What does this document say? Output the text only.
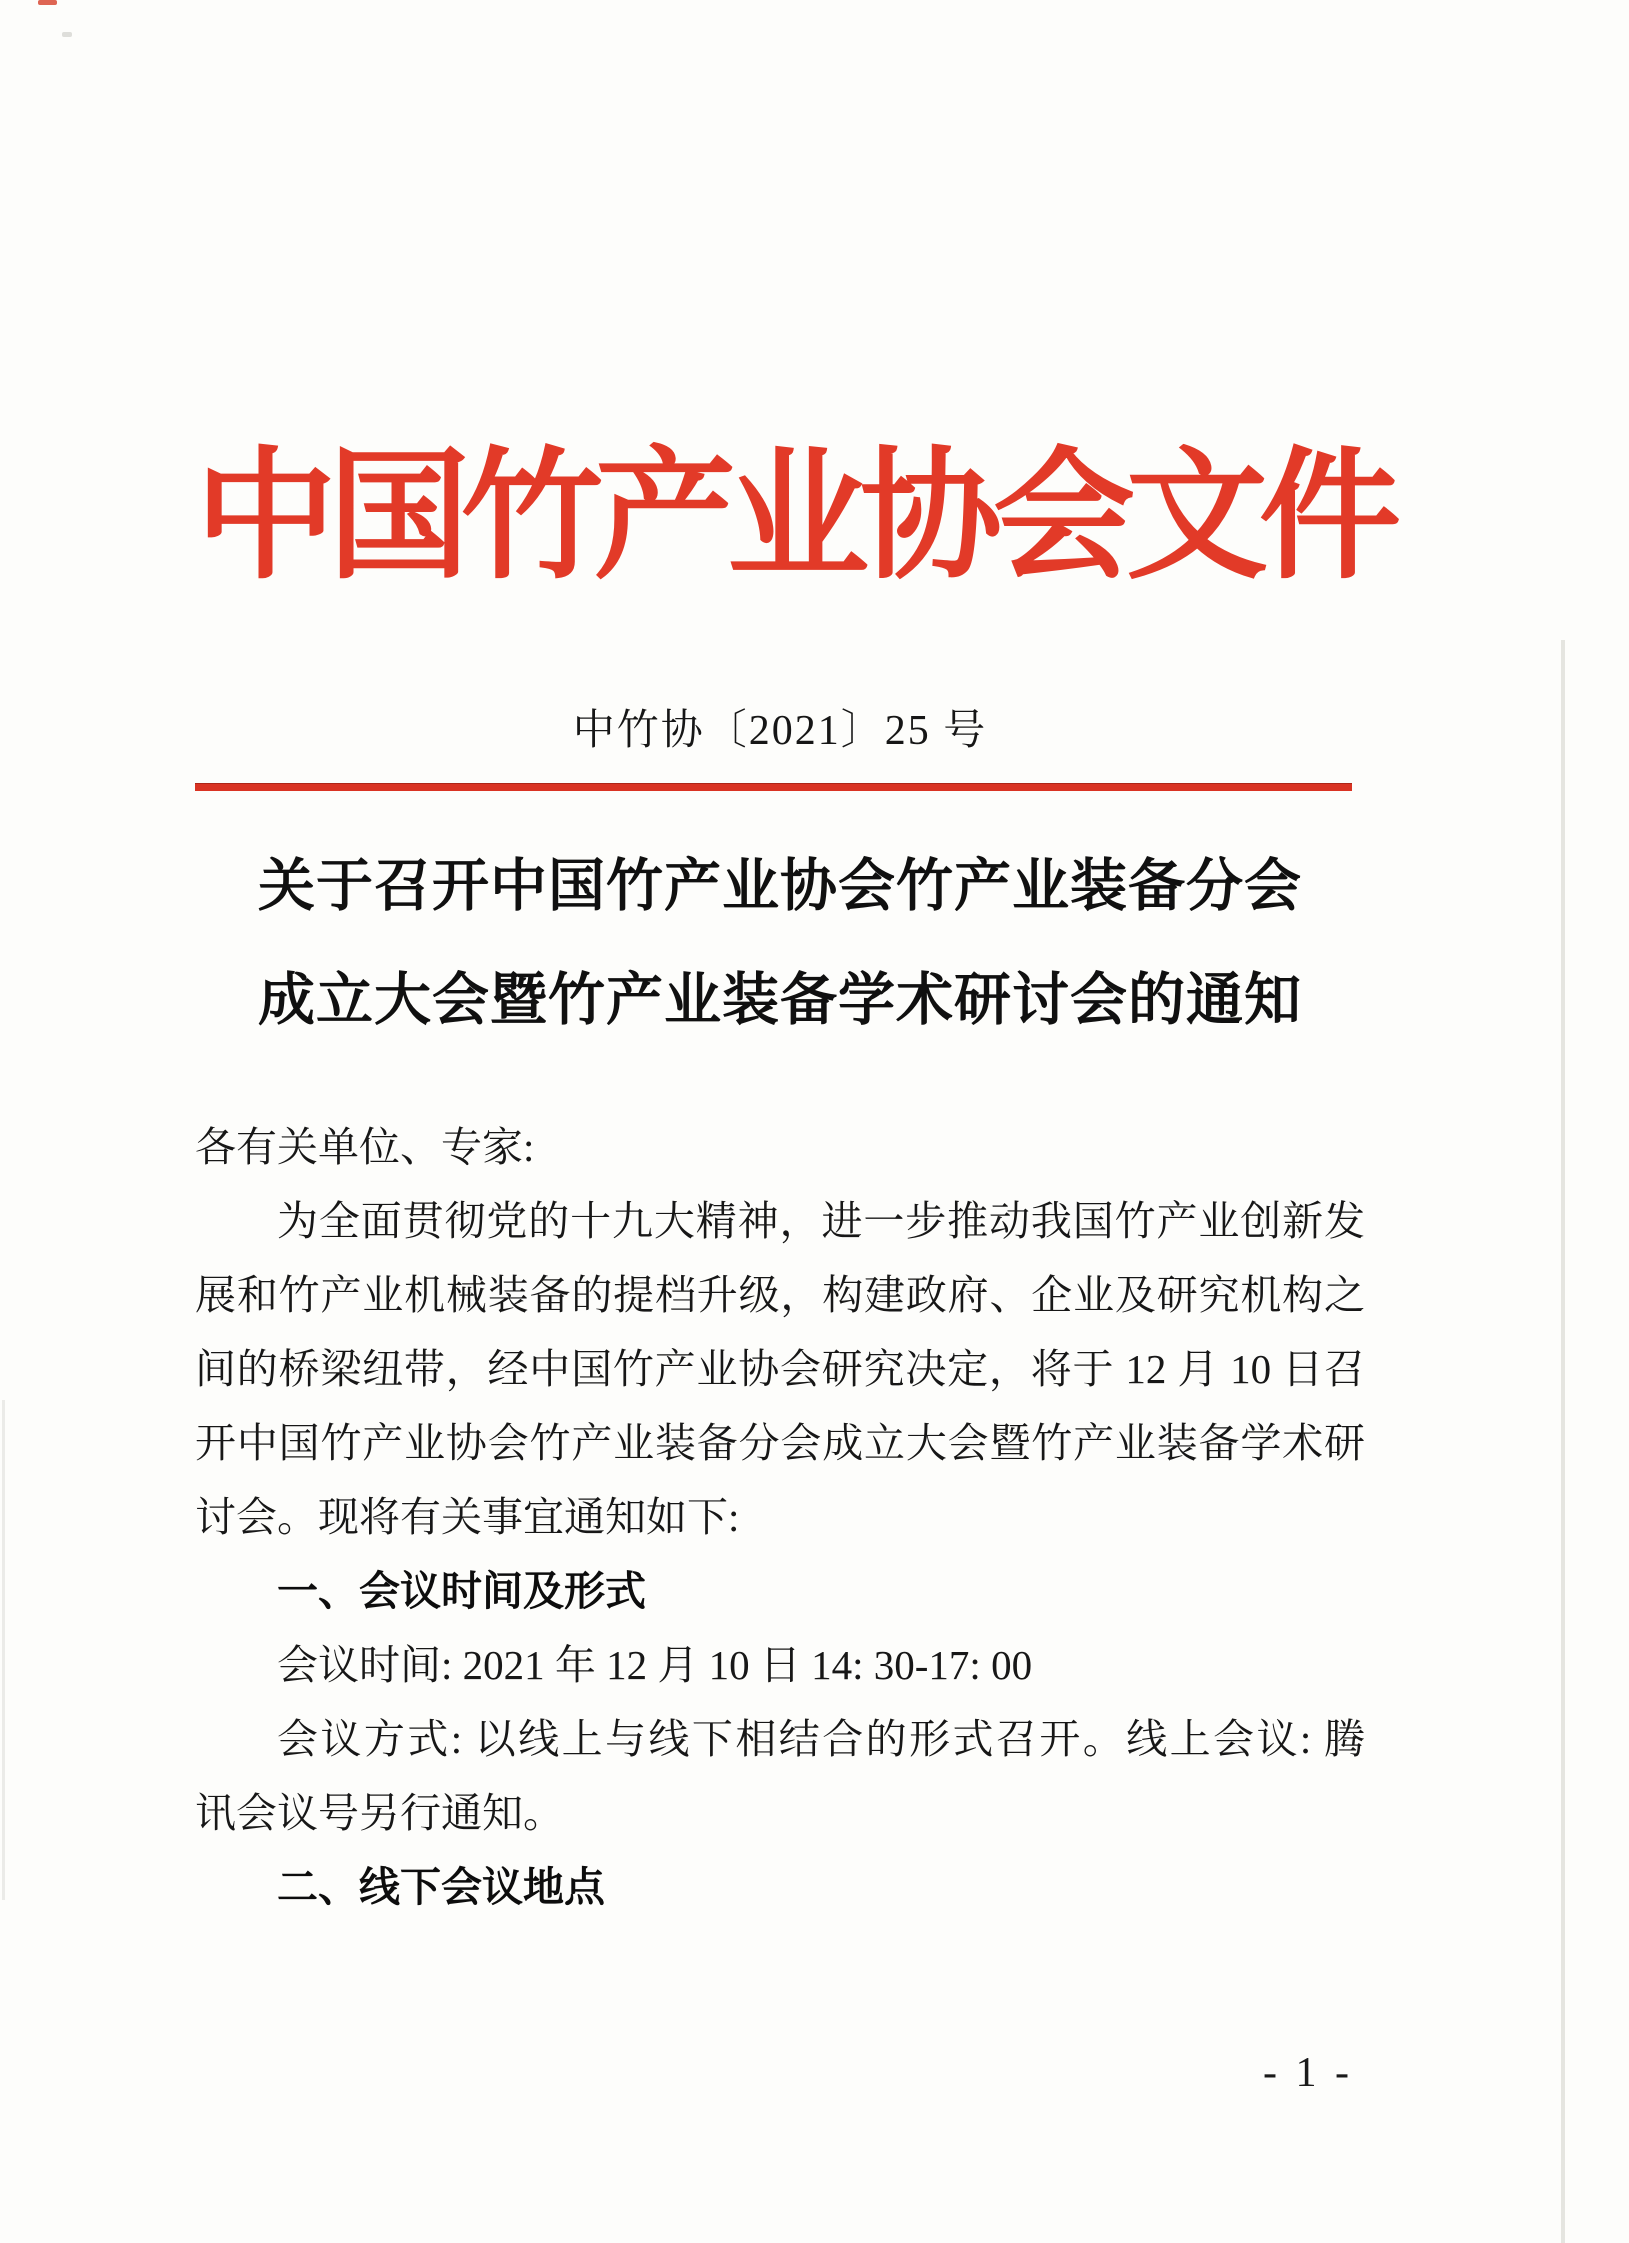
中国竹产业协会文件
中竹协〔2021〕25 号
关于召开中国竹产业协会竹产业装备分会
成立大会暨竹产业装备学术研讨会的通知
各有关单位、专家:
为全面贯彻党的十九大精神，进一步推动我国竹产业创新发
展和竹产业机械装备的提档升级，构建政府、企业及研究机构之
间的桥梁纽带，经中国竹产业协会研究决定，将于 12 月 10 日召
开中国竹产业协会竹产业装备分会成立大会暨竹产业装备学术研
讨会。现将有关事宜通知如下:
一、会议时间及形式
会议时间: 2021 年 12 月 10 日 14: 30-17: 00
会议方式: 以线上与线下相结合的形式召开。线上会议: 腾
讯会议号另行通知。
二、线下会议地点
- 1 -
